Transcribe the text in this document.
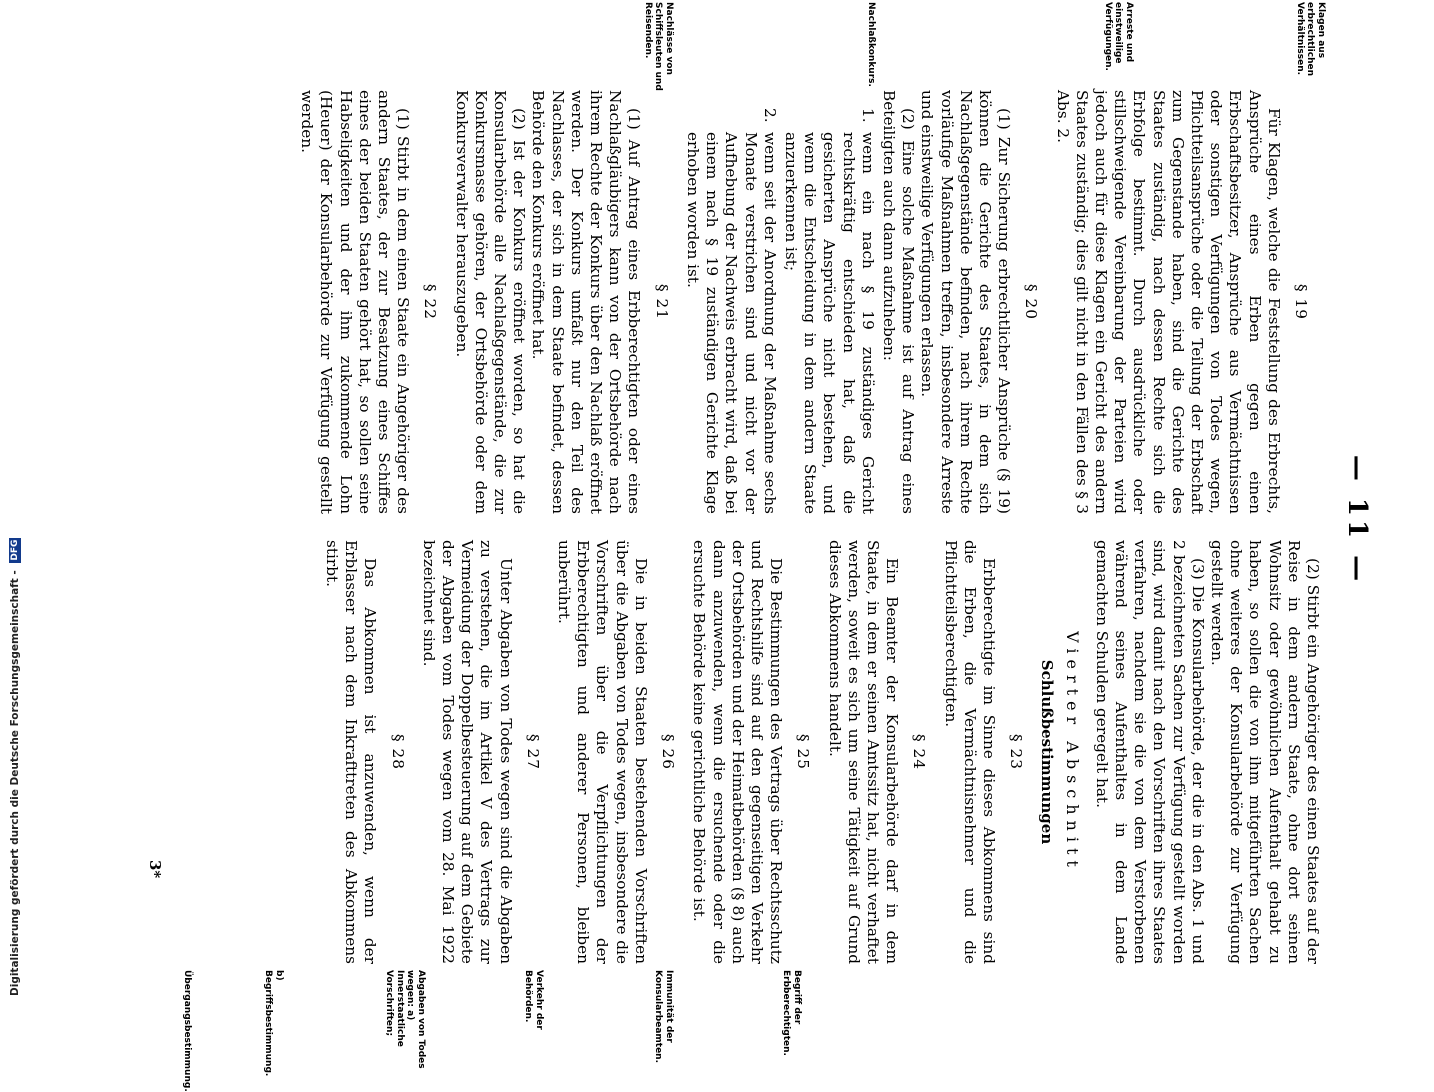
— 11 —
§ 19

Für Klagen, welche die Feststellung des Erbrechts, Ansprüche eines Erben gegen einen Erbschaftsbesitzer, Ansprüche aus Vermächtnissen oder sonstigen Verfügungen von Todes wegen, Pflichtteilsansprüche oder die Teilung der Erbschaft zum Gegenstande haben, sind die Gerichte des Staates zuständig, nach dessen Rechte sich die Erbfolge bestimmt. Durch ausdrückliche oder stillschweigende Vereinbarung der Parteien wird jedoch auch für diese Klagen ein Gericht des andern Staates zuständig; dies gilt nicht in den Fällen des § 3 Abs. 2.

§ 20

(1) Zur Sicherung erbrechtlicher Ansprüche (§ 19) können die Gerichte des Staates, in dem sich Nachlaßgegenstände befinden, nach ihrem Rechte vorläufige Maßnahmen treffen, insbesondere Arreste und einstweilige Verfügungen erlassen.

(2) Eine solche Maßnahme ist auf Antrag eines Beteiligten auch dann aufzuheben:

1.
wenn ein nach § 19 zuständiges Gericht rechtskräftig entschieden hat, daß die gesicherten Ansprüche nicht bestehen, und wenn die Entscheidung in dem andern Staate anzuerkennen ist;
2.
wenn seit der Anordnung der Maßnahme sechs Monate verstrichen sind und nicht vor der Aufhebung der Nachweis erbracht wird, daß bei einem nach § 19 zuständigen Gerichte Klage erhoben worden ist.
§ 21

(1) Auf Antrag eines Erbberechtigten oder eines Nachlaßgläubigers kann von der Ortsbehörde nach ihrem Rechte der Konkurs über den Nachlaß eröffnet werden. Der Konkurs umfaßt nur den Teil des Nachlasses, der sich in dem Staate befindet, dessen Behörde den Konkurs eröffnet hat.

(2) Ist der Konkurs eröffnet worden, so hat die Konsularbehörde alle Nachlaßgegenstände, die zur Konkursmasse gehören, der Ortsbehörde oder dem Konkursverwalter herauszugeben.

§ 22

(1) Stirbt in dem einen Staate ein Angehöriger des andern Staates, der zur Besatzung eines Schiffes eines der beiden Staaten gehört hat, so sollen seine Habseligkeiten und der ihm zukommende Lohn (Heuer) der Konsularbehörde zur Verfügung gestellt werden.

(2) Stirbt ein Angehöriger des einen Staates auf der Reise in dem andern Staate, ohne dort seinen Wohnsitz oder gewöhnlichen Aufenthalt gehabt zu haben, so sollen die von ihm mitgeführten Sachen ohne weiteres der Konsularbehörde zur Verfügung gestellt werden.

(3) Die Konsularbehörde, der die in den Abs. 1 und 2 bezeichneten Sachen zur Verfügung gestellt worden sind, wird damit nach den Vorschriften ihres Staates verfahren, nachdem sie die von dem Verstorbenen während seines Aufenthaltes in dem Lande gemachten Schulden geregelt hat.

Vierter Abschnitt
Schlußbestimmungen
§ 23

Erbberechtigte im Sinne dieses Abkommens sind die Erben, die Vermächtnisnehmer und die Pflichtteilsberechtigten.

§ 24

Ein Beamter der Konsularbehörde darf in dem Staate, in dem er seinen Amtssitz hat, nicht verhaftet werden, soweit es sich um seine Tätigkeit auf Grund dieses Abkommens handelt.

§ 25

Die Bestimmungen des Vertrags über Rechtsschutz und Rechtshilfe sind auf den gegenseitigen Verkehr der Ortsbehörden und der Heimatbehörden (§ 8) auch dann anzuwenden, wenn die ersuchende oder die ersuchte Behörde keine gerichtliche Behörde ist.

§ 26

Die in beiden Staaten bestehenden Vorschriften über die Abgaben von Todes wegen, insbesondere die Vorschriften über die Verpflichtungen der Erbberechtigten und anderer Personen, bleiben unberührt.

§ 27

Unter Abgaben von Todes wegen sind die Abgaben zu verstehen, die im Artikel V des Vertrags zur Vermeidung der Doppelbesteuerung auf dem Gebiete der Abgaben vom Todes wegen vom 28. Mai 1922 bezeichnet sind.

§ 28

Das Abkommen ist anzuwenden, wenn der Erblasser nach dem Inkrafttreten des Abkommens stirbt.

Klagen aus erbrechtlichen Verhältnissen.
Arreste und einstweilige Verfügungen.
Nachlaßkonkurs.
Nachlässe von Schiffsleuten und Reisenden.
Begriff der Erbberechtigten.
Immunität der Konsularbeamten.
Verkehr der Behörden.
Abgaben von Todes wegen: a) Innerstaatliche Vorschriften;
b) Begriffsbestimmung.
Übergangsbestimmung.
3*
Digitalisierung gefördert durch die Deutsche Forschungsgemeinschaft - DFG
